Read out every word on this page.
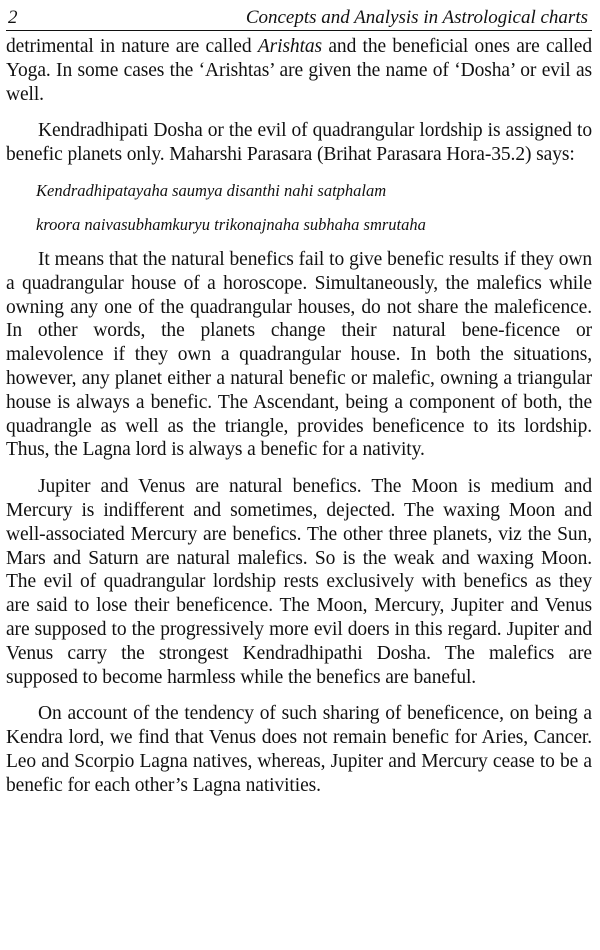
2	Concepts and Analysis in Astrological charts

detrimental in nature are called Arishtas and the beneficial ones are called Yoga. In some cases the ‘Arishtas’ are given the name of ‘Dosha’ or evil as well.

Kendradhipati Dosha or the evil of quadrangular lordship is assigned to benefic planets only. Maharshi Parasara (Brihat Parasara Hora-35.2) says:

Kendradhipatayaha saumya disanthi nahi satphalam

kroora naivasubhamkuryu trikonajnaha subhaha smrutaha

It means that the natural benefics fail to give benefic results if they own a quadrangular house of a horoscope. Simultaneously, the malefics while owning any one of the quadrangular houses, do not share the maleficence. In other words, the planets change their natural bene-ficence or malevolence if they own a quadrangular house. In both the situations, however, any planet either a natural benefic or malefic, owning a triangular house is always a benefic. The Ascendant, being a component of both, the quadrangle as well as the triangle, provides beneficence to its lordship. Thus, the Lagna lord is always a benefic for a nativity.

Jupiter and Venus are natural benefics. The Moon is medium and Mercury is indifferent and sometimes, dejected. The waxing Moon and well-associated Mercury are benefics. The other three planets, viz the Sun, Mars and Saturn are natural malefics. So is the weak and waxing Moon. The evil of quadrangular lordship rests exclusively with benefics as they are said to lose their beneficence. The Moon, Mercury, Jupiter and Venus are supposed to the progressively more evil doers in this regard. Jupiter and Venus carry the strongest Kendradhipathi Dosha. The malefics are supposed to become harmless while the benefics are baneful.

On account of the tendency of such sharing of beneficence, on being a Kendra lord, we find that Venus does not remain benefic for Aries, Cancer. Leo and Scorpio Lagna natives, whereas, Jupiter and Mercury cease to be a benefic for each other’s Lagna nativities.
